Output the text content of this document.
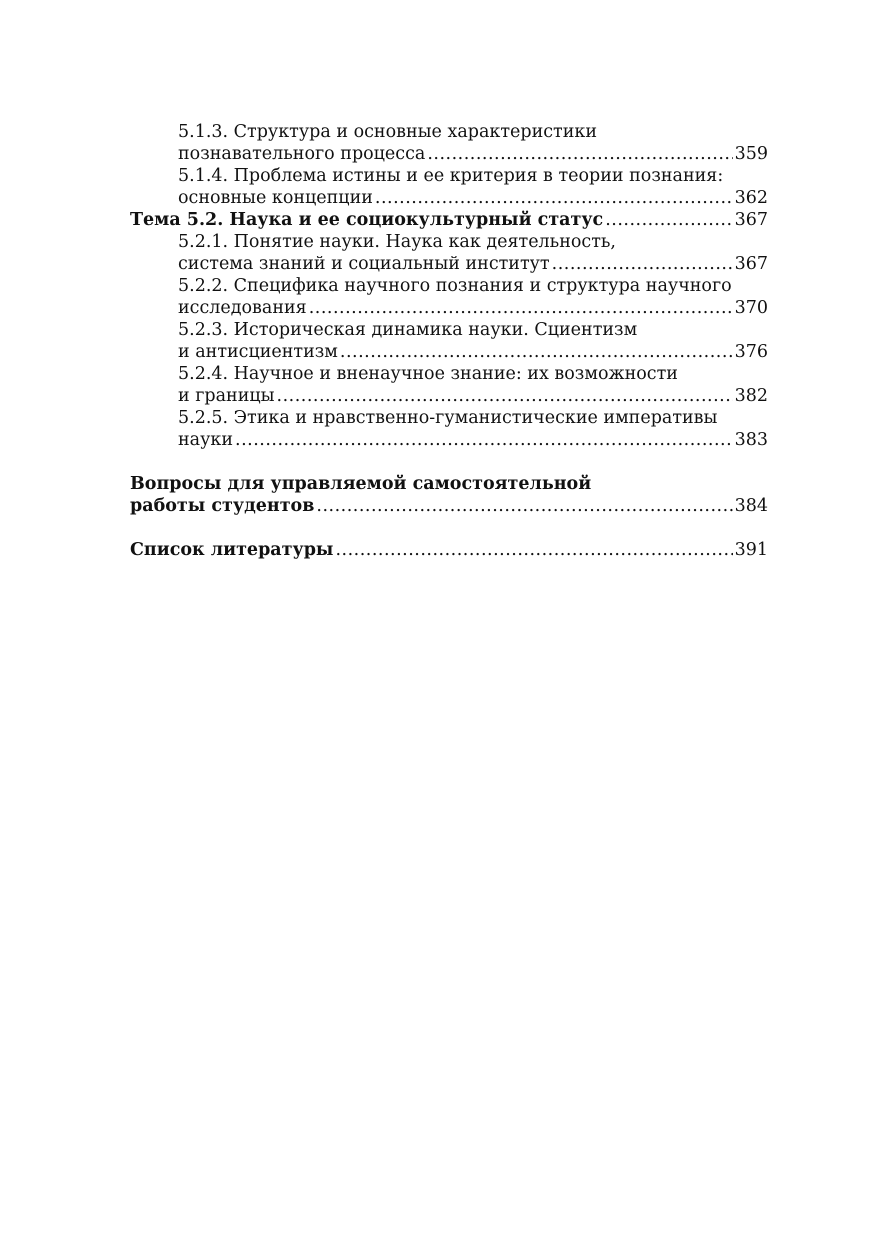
5.1.3. Структура и основные характеристики
познавательного процесса .....	359
5.1.4. Проблема истины и ее критерия в теории познания:
основные концепции .....	362
Тема 5.2. Наука и ее социокультурный статус .....	367
5.2.1. Понятие науки. Наука как деятельность,
система знаний и социальный институт .....	367
5.2.2. Специфика научного познания и структура научного
исследования .....	370
5.2.3. Историческая динамика науки. Сциентизм
и антисциентизм .....	376
5.2.4. Научное и вненаучное знание: их возможности
и границы .....	382
5.2.5. Этика и нравственно-гуманистические императивы
науки .....	383
Вопросы для управляемой самостоятельной
работы студентов .....	384
Список литературы .....	391
